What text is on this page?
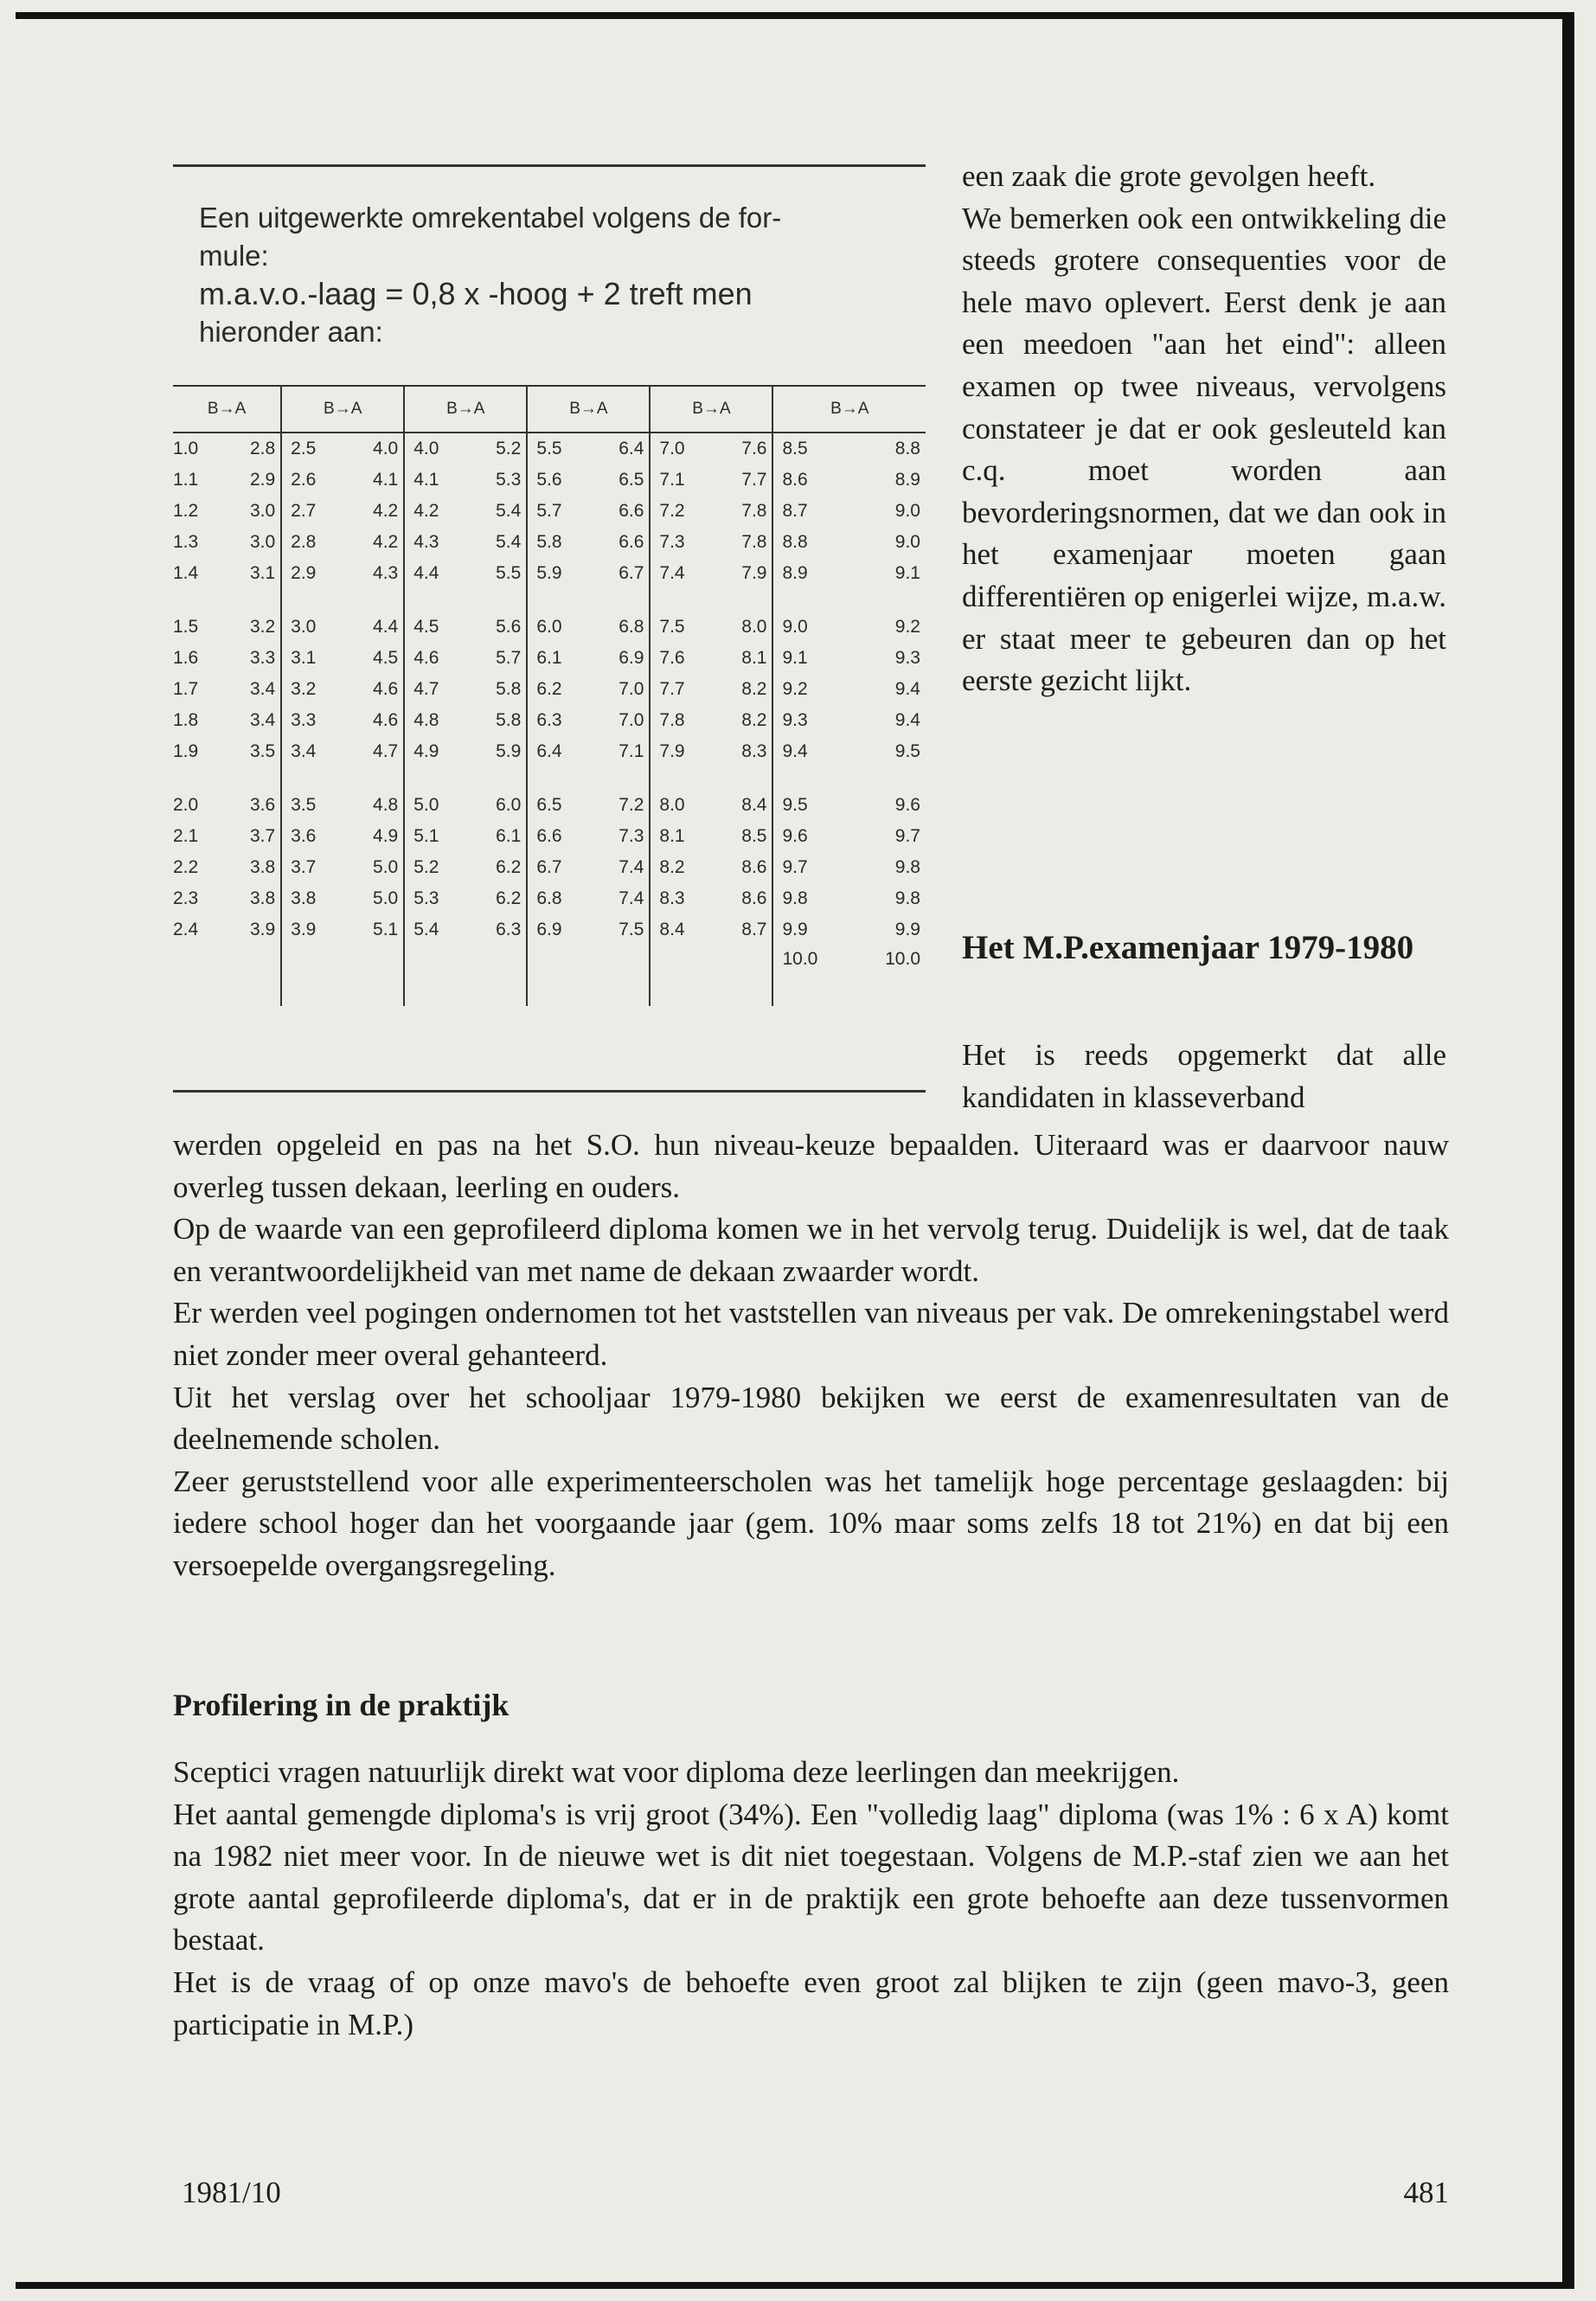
Een uitgewerkte omrekentabel volgens de for-

mule:

m.a.v.o.-laag = 0,8 x -hoog + 2 treft men

hieronder aan:

B→A		B→A		B→A		B→A		B→A		B→A	
1.0	2.8	2.5	4.0	4.0	5.2	5.5	6.4	7.0	7.6	8.5	8.8
1.1	2.9	2.6	4.1	4.1	5.3	5.6	6.5	7.1	7.7	8.6	8.9
1.2	3.0	2.7	4.2	4.2	5.4	5.7	6.6	7.2	7.8	8.7	9.0
1.3	3.0	2.8	4.2	4.3	5.4	5.8	6.6	7.3	7.8	8.8	9.0
1.4	3.1	2.9	4.3	4.4	5.5	5.9	6.7	7.4	7.9	8.9	9.1

1.5	3.2	3.0	4.4	4.5	5.6	6.0	6.8	7.5	8.0	9.0	9.2
1.6	3.3	3.1	4.5	4.6	5.7	6.1	6.9	7.6	8.1	9.1	9.3
1.7	3.4	3.2	4.6	4.7	5.8	6.2	7.0	7.7	8.2	9.2	9.4
1.8	3.4	3.3	4.6	4.8	5.8	6.3	7.0	7.8	8.2	9.3	9.4
1.9	3.5	3.4	4.7	4.9	5.9	6.4	7.1	7.9	8.3	9.4	9.5

2.0	3.6	3.5	4.8	5.0	6.0	6.5	7.2	8.0	8.4	9.5	9.6
2.1	3.7	3.6	4.9	5.1	6.1	6.6	7.3	8.1	8.5	9.6	9.7
2.2	3.8	3.7	5.0	5.2	6.2	6.7	7.4	8.2	8.6	9.7	9.8
2.3	3.8	3.8	5.0	5.3	6.2	6.8	7.4	8.3	8.6	9.8	9.8
2.4	3.9	3.9	5.1	5.4	6.3	6.9	7.5	8.4	8.7	9.9	9.9
										10.0	10.0

een zaak die grote gevolgen heeft.

We bemerken ook een ontwikkeling die steeds grotere consequenties voor de hele mavo oplevert. Eerst denk je aan een meedoen "aan het eind": alleen examen op twee niveaus, vervolgens constateer je dat er ook gesleuteld kan c.q. moet worden aan bevorderingsnormen, dat we dan ook in het examenjaar moeten gaan differentiëren op enigerlei wijze, m.a.w. er staat meer te gebeuren dan op het eerste gezicht lijkt.

Het M.P.examenjaar 1979-1980

Het is reeds opgemerkt dat alle kandidaten in klasseverband

werden opgeleid en pas na het S.O. hun niveau-keuze bepaalden. Uiteraard was er daarvoor nauw overleg tussen dekaan, leerling en ouders.

Op de waarde van een geprofileerd diploma komen we in het vervolg terug. Duidelijk is wel, dat de taak en verantwoordelijkheid van met name de dekaan zwaarder wordt.

Er werden veel pogingen ondernomen tot het vaststellen van niveaus per vak. De omrekeningstabel werd niet zonder meer overal gehanteerd.

Uit het verslag over het schooljaar 1979-1980 bekijken we eerst de examenresultaten van de deelnemende scholen.

Zeer geruststellend voor alle experimenteerscholen was het tamelijk hoge percentage geslaagden: bij iedere school hoger dan het voorgaande jaar (gem. 10% maar soms zelfs 18 tot 21%) en dat bij een versoepelde overgangsregeling.

Profilering in de praktijk

Sceptici vragen natuurlijk direkt wat voor diploma deze leerlingen dan meekrijgen.

Het aantal gemengde diploma's is vrij groot (34%). Een "volledig laag" diploma (was 1% : 6 x A) komt na 1982 niet meer voor. In de nieuwe wet is dit niet toegestaan. Volgens de M.P.-staf zien we aan het grote aantal geprofileerde diploma's, dat er in de praktijk een grote behoefte aan deze tussenvormen bestaat.

Het is de vraag of op onze mavo's de behoefte even groot zal blijken te zijn (geen mavo-3, geen participatie in M.P.)

1981/10	481
